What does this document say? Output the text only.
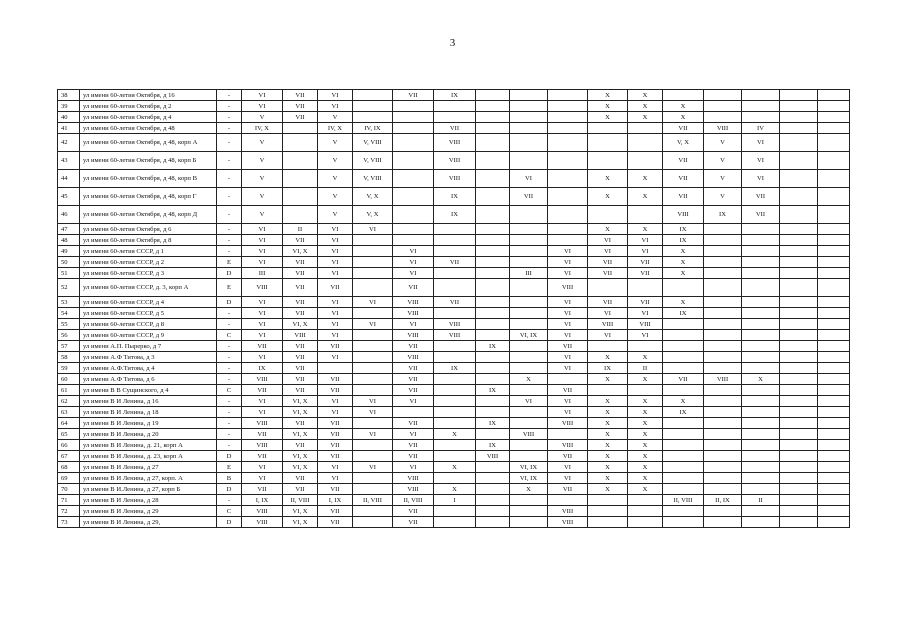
3
38	ул имени 60-летия Октября, д 16	-	VI	VII	VI		VII	IX				X	X					
39	ул имени 60-летия Октября, д 2	-	VI	VII	VI							X	X	X				
40	ул имени 60-летия Октября, д 4	-	V	VII	V							X	X	X				
41	ул имени 60-летия Октября, д 48	-	IV, X		IV, X	IV, IX		VII						VII	VIII	IV		
42	ул имени 60-летия Октября, д 48, корп А	-	V		V	V, VIII		VIII						V, X	V	VI		
43	ул имени 60-летия Октября, д 48, корп Б	-	V		V	V, VIII		VIII						VII	V	VI		
44	ул имени 60-летия Октября, д 48, корп В	-	V		V	V, VIII		VIII		VI		X	X	VII	V	VI		
45	ул имени 60-летия Октября, д 48, корп Г	-	V		V	V, X		IX		VII		X	X	VII	V	VII		
46	ул имени 60-летия Октября, д 48, корп Д	-	V		V	V, X		IX						VIII	IX	VII		
47	ул имени 60-летия Октября, д 6	-	VI	II	VI	VI						X	X	IX				
48	ул имени 60-летия Октября, д 8	-	VI	VII	VI							VI	VI	IX				
49	ул имени 60-летия СССР, д 1	-	VI	VI, X	VI		VI				VI	VI	VI	X				
50	ул имени 60-летия СССР, д 2	E	VI	VII	VI		VI	VII			VI	VII	VII	X				
51	ул имени 60-летия СССР, д 3	D	III	VII	VI		VI			III	VI	VII	VII	X				
52	ул имени 60-летия СССР, д. 3, корп А	E	VIII	VII	VII		VII				VIII							
53	ул имени 60-летия СССР, д 4	D	VI	VII	VI	VI	VIII	VII			VI	VII	VII	X				
54	ул имени 60-летия СССР, д 5	-	VI	VII	VI		VIII				VI	VI	VI	IX				
55	ул имени 60-летия СССР, д 8	-	VI	VI, X	VI	VI	VI	VIII			VI	VIII	VIII					
56	ул имени 60-летия СССР, д 9	C	VI	VIII	VI		VIII	VIII		VI, IX	VI	VI	VI					
57	ул имени А.П. Пырерко, д 7	-	VII	VII	VII		VII		IX		VII							
58	ул имени А.Ф Титова, д 3	-	VI	VII	VI		VIII				VI	X	X					
59	ул имени А.Ф.Титова, д 4	-	IX	VII			VII	IX			VI	IX	II					
60	ул имени А.Ф Титова, д 6	-	VIII	VII	VII		VII			X		X	X	VII	VIII	X		
61	ул имени В В Сущинского, д 4	C	VII	VII	VII		VII		IX		VII							
62	ул имени В И Ленина, д 16	-	VI	VI, X	VI	VI	VI			VI	VI	X	X	X				
63	ул имени В И Ленина, д 18	-	VI	VI, X	VI	VI					VI	X	X	IX				
64	ул имени В И Ленина, д 19	-	VIII	VII	VII		VII		IX		VIII	X	X					
65	ул имени В И Ленина, д 20	-	VII	VI, X	VII	VI	VI	X		VIII		X	X					
66	ул имени В И Ленина, д. 21, корп А	-	VIII	VII	VII		VII		IX		VIII	X	X					
67	ул имени В И Ленина, д. 23, корп А	D	VII	VI, X	VII		VII		VIII		VII	X	X					
68	ул имени В И Ленина, д 27	E	VI	VI, X	VI	VI	VI	X		VI, IX	VI	X	X					
69	ул имени В И Ленина, д 27, корп. А	B	VI	VII	VI		VIII			VI, IX	VI	X	X					
70	ул имени В И.Ленина, д 27, корп Б	D	VII	VII	VII		VIII	X		X	VII	X	X					
71	ул имени В И Ленина, д 28	-	I, IX	II, VIII	I, IX	II, VIII	II, VIII	I						II, VIII	II, IX	II		
72	ул имени В И Ленина, д 29	C	VIII	VI, X	VII		VII				VIII							
73	ул имени В И Ленина, д 29,	D	VIII	VI, X	VII		VII				VIII							
